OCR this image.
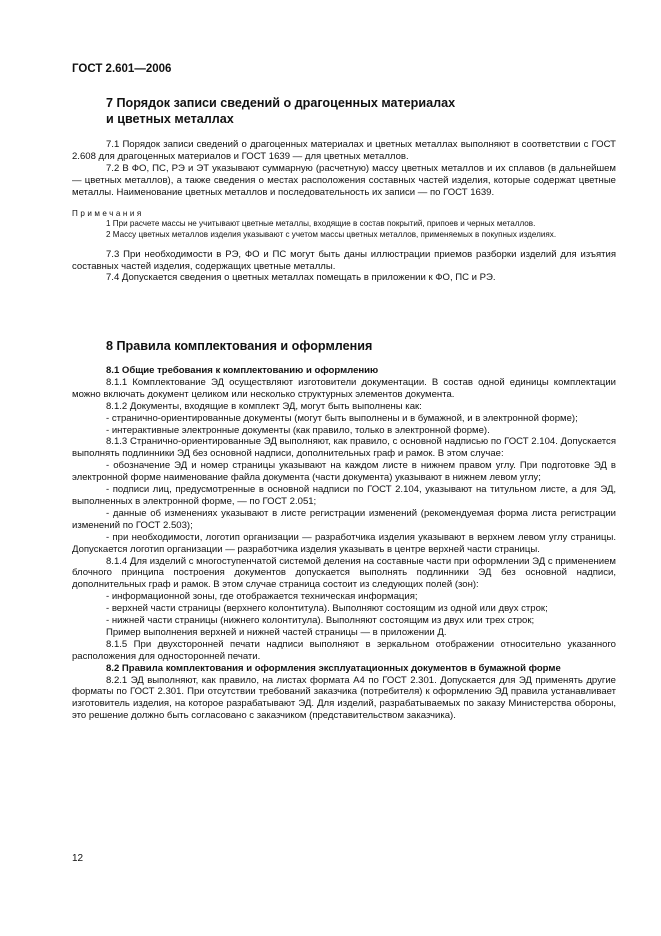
ГОСТ 2.601—2006
7 Порядок записи сведений о драгоценных материалах
и цветных металлах

7.1 Порядок записи сведений о драгоценных материалах и цветных металлах выполняют в соответствии с ГОСТ 2.608 для драгоценных материалов и ГОСТ 1639 — для цветных металлов.

7.2 В ФО, ПС, РЭ и ЭТ указывают суммарную (расчетную) массу цветных металлов и их сплавов (в дальнейшем — цветных металлов), а также сведения о местах расположения составных частей изделия, которые содержат цветные металлы. Наименование цветных металлов и последовательность их записи — по ГОСТ 1639.

Примечания

1 При расчете массы не учитывают цветные металлы, входящие в состав покрытий, припоев и черных металлов.

2 Массу цветных металлов изделия указывают с учетом массы цветных металлов, применяемых в покупных изделиях.

7.3 При необходимости в РЭ, ФО и ПС могут быть даны иллюстрации приемов разборки изделий для изъятия составных частей изделия, содержащих цветные металлы.

7.4 Допускается сведения о цветных металлах помещать в приложении к ФО, ПС и РЭ.

8 Правила комплектования и оформления

8.1 Общие требования к комплектованию и оформлению

8.1.1 Комплектование ЭД осуществляют изготовители документации. В состав одной единицы комплектации можно включать документ целиком или несколько структурных элементов документа.

8.1.2 Документы, входящие в комплект ЭД, могут быть выполнены как:

- странично-ориентированные документы (могут быть выполнены и в бумажной, и в электронной форме);

- интерактивные электронные документы (как правило, только в электронной форме).

8.1.3 Странично-ориентированные ЭД выполняют, как правило, с основной надписью по ГОСТ 2.104. Допускается выполнять подлинники ЭД без основной надписи, дополнительных граф и рамок. В этом случае:

- обозначение ЭД и номер страницы указывают на каждом листе в нижнем правом углу. При подготовке ЭД в электронной форме наименование файла документа (части документа) указывают в нижнем левом углу;

- подписи лиц, предусмотренные в основной надписи по ГОСТ 2.104, указывают на титульном листе, а для ЭД, выполненных в электронной форме, — по ГОСТ 2.051;

- данные об изменениях указывают в листе регистрации изменений (рекомендуемая форма листа регистрации изменений по ГОСТ 2.503);

- при необходимости, логотип организации — разработчика изделия указывают в верхнем левом углу страницы. Допускается логотип организации — разработчика изделия указывать в центре верхней части страницы.

8.1.4 Для изделий с многоступенчатой системой деления на составные части при оформлении ЭД с применением блочного принципа построения документов допускается выполнять подлинники ЭД без основной надписи, дополнительных граф и рамок. В этом случае страница состоит из следующих полей (зон):

- информационной зоны, где отображается техническая информация;

- верхней части страницы (верхнего колонтитула). Выполняют состоящим из одной или двух строк;

- нижней части страницы (нижнего колонтитула). Выполняют состоящим из двух или трех строк;

Пример выполнения верхней и нижней частей страницы — в приложении Д.

8.1.5 При двухсторонней печати надписи выполняют в зеркальном отображении относительно указанного расположения для односторонней печати.

8.2 Правила комплектования и оформления эксплуатационных документов в бумажной форме

8.2.1 ЭД выполняют, как правило, на листах формата А4 по ГОСТ 2.301. Допускается для ЭД применять другие форматы по ГОСТ 2.301. При отсутствии требований заказчика (потребителя) к оформлению ЭД правила устанавливает изготовитель изделия, на которое разрабатывают ЭД. Для изделий, разрабатываемых по заказу Министерства обороны, это решение должно быть согласовано с заказчиком (представительством заказчика).

12
